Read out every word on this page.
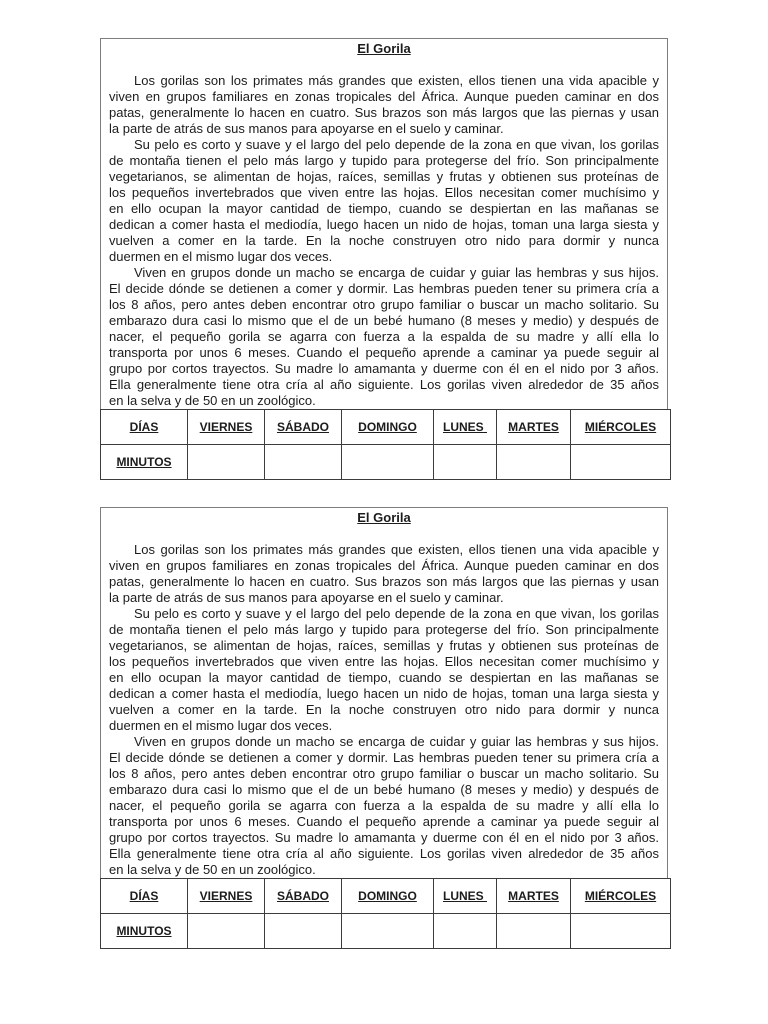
El Gorila
Los gorilas son los primates más grandes que existen, ellos tienen una vida apacible y
viven en grupos familiares en zonas tropicales del África. Aunque pueden caminar en dos
patas, generalmente lo hacen en cuatro. Sus brazos son más largos que las piernas y usan
la parte de atrás de sus manos para apoyarse en el suelo y caminar.
Su pelo es corto y suave y el largo del pelo depende de la zona en que vivan, los gorilas
de montaña tienen el pelo más largo y tupido para protegerse del frío. Son principalmente
vegetarianos, se alimentan de hojas, raíces, semillas y frutas y obtienen sus proteínas de
los pequeños invertebrados que viven entre las hojas. Ellos necesitan comer muchísimo y
en ello ocupan la mayor cantidad de tiempo, cuando se despiertan en las mañanas se
dedican a comer hasta el mediodía, luego hacen un nido de hojas, toman una larga siesta y
vuelven a comer en la tarde. En la noche construyen otro nido para dormir y nunca
duermen en el mismo lugar dos veces.
Viven en grupos donde un macho se encarga de cuidar y guiar las hembras y sus hijos.
El decide dónde se detienen a comer y dormir. Las hembras pueden tener su primera cría a
los 8 años, pero antes deben encontrar otro grupo familiar o buscar un macho solitario. Su
embarazo dura casi lo mismo que el de un bebé humano (8 meses y medio) y después de
nacer, el pequeño gorila se agarra con fuerza a la espalda de su madre y allí ella lo
transporta por unos 6 meses. Cuando el pequeño aprende a caminar ya puede seguir al
grupo por cortos trayectos. Su madre lo amamanta y duerme con él en el nido por 3 años.
Ella generalmente tiene otra cría al año siguiente. Los gorilas viven alrededor de 35 años
en la selva y de 50 en un zoológico.
DÍAS	VIERNES	SÁBADO	DOMINGO	LUNES	MARTES	MIÉRCOLES
MINUTOS						
El Gorila
Los gorilas son los primates más grandes que existen, ellos tienen una vida apacible y
viven en grupos familiares en zonas tropicales del África. Aunque pueden caminar en dos
patas, generalmente lo hacen en cuatro. Sus brazos son más largos que las piernas y usan
la parte de atrás de sus manos para apoyarse en el suelo y caminar.
Su pelo es corto y suave y el largo del pelo depende de la zona en que vivan, los gorilas
de montaña tienen el pelo más largo y tupido para protegerse del frío. Son principalmente
vegetarianos, se alimentan de hojas, raíces, semillas y frutas y obtienen sus proteínas de
los pequeños invertebrados que viven entre las hojas. Ellos necesitan comer muchísimo y
en ello ocupan la mayor cantidad de tiempo, cuando se despiertan en las mañanas se
dedican a comer hasta el mediodía, luego hacen un nido de hojas, toman una larga siesta y
vuelven a comer en la tarde. En la noche construyen otro nido para dormir y nunca
duermen en el mismo lugar dos veces.
Viven en grupos donde un macho se encarga de cuidar y guiar las hembras y sus hijos.
El decide dónde se detienen a comer y dormir. Las hembras pueden tener su primera cría a
los 8 años, pero antes deben encontrar otro grupo familiar o buscar un macho solitario. Su
embarazo dura casi lo mismo que el de un bebé humano (8 meses y medio) y después de
nacer, el pequeño gorila se agarra con fuerza a la espalda de su madre y allí ella lo
transporta por unos 6 meses. Cuando el pequeño aprende a caminar ya puede seguir al
grupo por cortos trayectos. Su madre lo amamanta y duerme con él en el nido por 3 años.
Ella generalmente tiene otra cría al año siguiente. Los gorilas viven alrededor de 35 años
en la selva y de 50 en un zoológico.
DÍAS	VIERNES	SÁBADO	DOMINGO	LUNES	MARTES	MIÉRCOLES
MINUTOS						
